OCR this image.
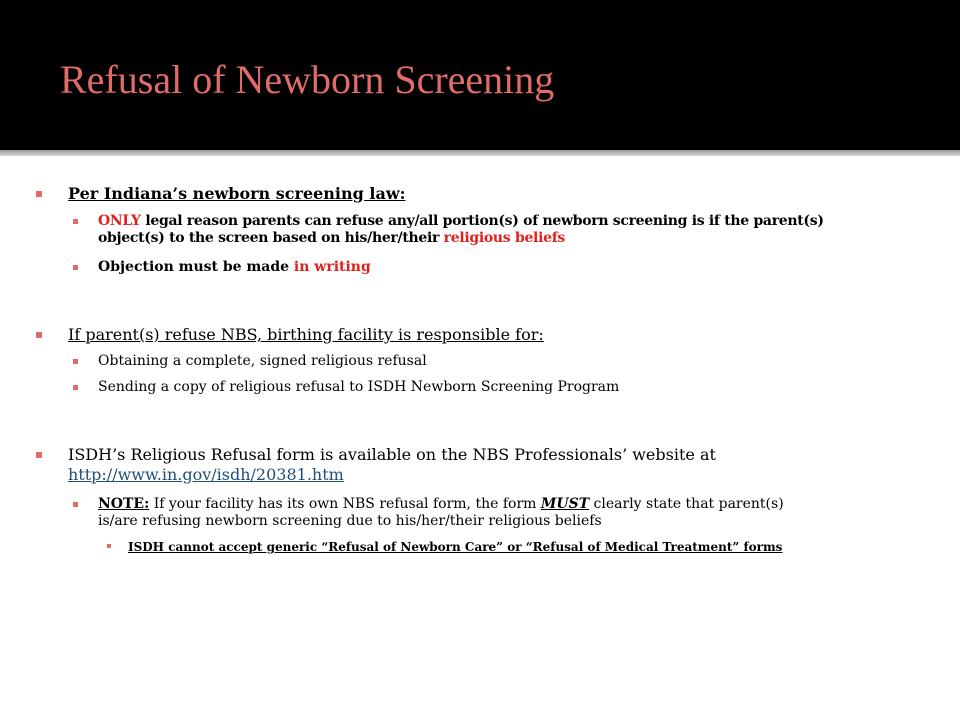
Refusal of Newborn Screening
Per Indiana’s newborn screening law:
ONLY legal reason parents can refuse any/all portion(s) of newborn screening is if the parent(s)
object(s) to the screen based on his/her/their religious beliefs
Objection must be made in writing
If parent(s) refuse NBS, birthing facility is responsible for:
Obtaining a complete, signed religious refusal
Sending a copy of religious refusal to ISDH Newborn Screening Program
ISDH’s Religious Refusal form is available on the NBS Professionals’ website at
http://www.in.gov/isdh/20381.htm
NOTE: If your facility has its own NBS refusal form, the form MUST clearly state that parent(s)
is/are refusing newborn screening due to his/her/their religious beliefs
ISDH cannot accept generic “Refusal of Newborn Care” or “Refusal of Medical Treatment” forms
